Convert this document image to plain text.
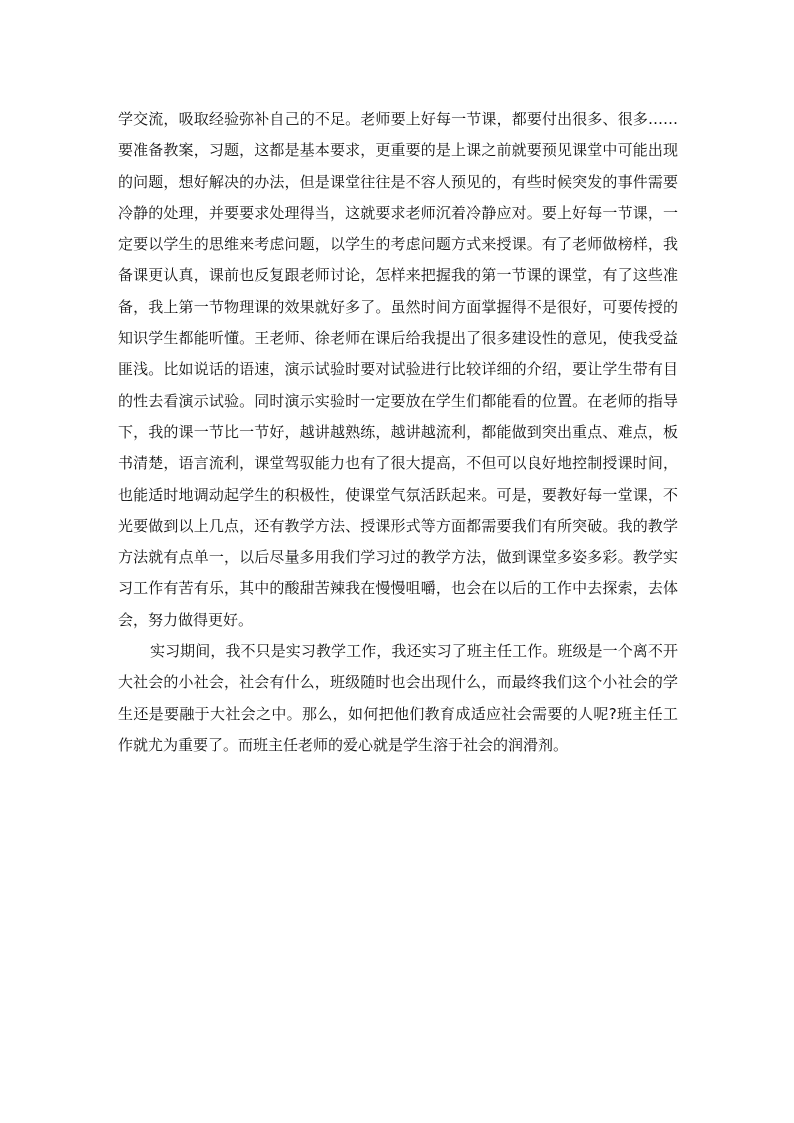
学交流，吸取经验弥补自己的不足。老师要上好每一节课，都要付出很多、很多……要准备教案，习题，这都是基本要求，更重要的是上课之前就要预见课堂中可能出现的问题，想好解决的办法，但是课堂往往是不容人预见的，有些时候突发的事件需要冷静的处理，并要要求处理得当，这就要求老师沉着冷静应对。要上好每一节课，一定要以学生的思维来考虑问题，以学生的考虑问题方式来授课。有了老师做榜样，我备课更认真，课前也反复跟老师讨论，怎样来把握我的第一节课的课堂，有了这些准备，我上第一节物理课的效果就好多了。虽然时间方面掌握得不是很好，可要传授的知识学生都能听懂。王老师、徐老师在课后给我提出了很多建设性的意见，使我受益匪浅。比如说话的语速，演示试验时要对试验进行比较详细的介绍，要让学生带有目的性去看演示试验。同时演示实验时一定要放在学生们都能看的位置。在老师的指导下，我的课一节比一节好，越讲越熟练，越讲越流利，都能做到突出重点、难点，板书清楚，语言流利，课堂驾驭能力也有了很大提高，不但可以良好地控制授课时间，也能适时地调动起学生的积极性，使课堂气氛活跃起来。可是，要教好每一堂课，不光要做到以上几点，还有教学方法、授课形式等方面都需要我们有所突破。我的教学方法就有点单一，以后尽量多用我们学习过的教学方法，做到课堂多姿多彩。教学实习工作有苦有乐，其中的酸甜苦辣我在慢慢咀嚼，也会在以后的工作中去探索，去体会，努力做得更好。

实习期间，我不只是实习教学工作，我还实习了班主任工作。班级是一个离不开大社会的小社会，社会有什么，班级随时也会出现什么，而最终我们这个小社会的学生还是要融于大社会之中。那么，如何把他们教育成适应社会需要的人呢?班主任工作就尤为重要了。而班主任老师的爱心就是学生溶于社会的润滑剂。
